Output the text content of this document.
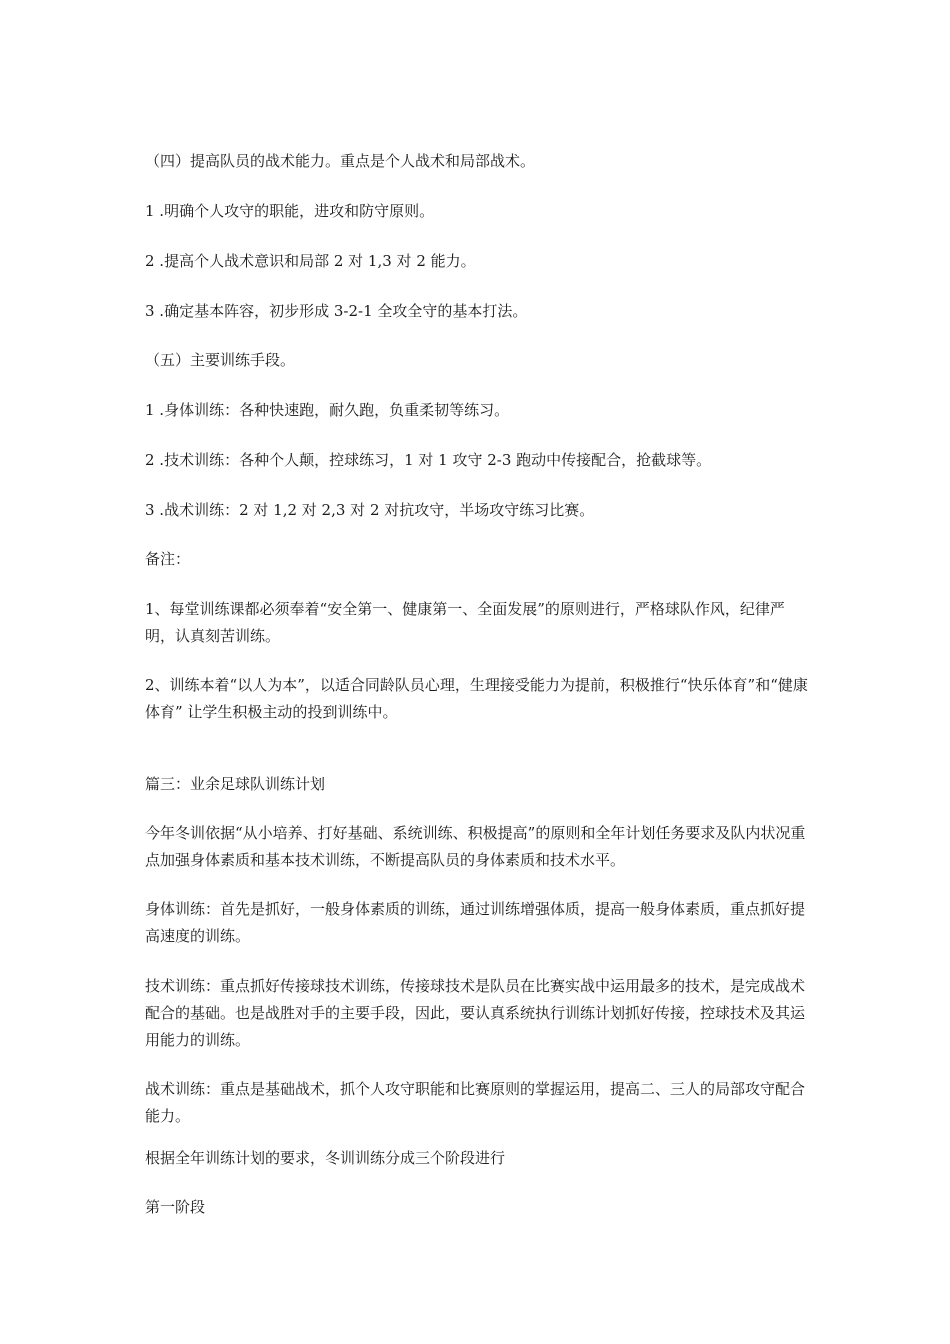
（四）提高队员的战术能力。重点是个人战术和局部战术。
1 .明确个人攻守的职能，进攻和防守原则。
2 .提高个人战术意识和局部 2 对 1,3 对 2 能力。
3 .确定基本阵容，初步形成 3-2-1 全攻全守的基本打法。
（五）主要训练手段。
1 .身体训练：各种快速跑，耐久跑，负重柔韧等练习。
2 .技术训练：各种个人颠，控球练习，1 对 1 攻守 2-3 跑动中传接配合，抢截球等。
3 .战术训练：2 对 1,2 对 2,3 对 2 对抗攻守，半场攻守练习比赛。
备注：
1、每堂训练课都必须奉着“安全第一、健康第一、全面发展”的原则进行，严格球队作风，纪律严明，认真刻苦训练。
2、训练本着“以人为本”，以适合同龄队员心理，生理接受能力为提前，积极推行“快乐体育”和“健康体育” 让学生积极主动的投到训练中。
篇三：业余足球队训练计划
今年冬训依据“从小培养、打好基础、系统训练、积极提高”的原则和全年计划任务要求及队内状况重点加强身体素质和基本技术训练，不断提高队员的身体素质和技术水平。
身体训练：首先是抓好，一般身体素质的训练，通过训练增强体质，提高一般身体素质，重点抓好提高速度的训练。
技术训练：重点抓好传接球技术训练，传接球技术是队员在比赛实战中运用最多的技术，是完成战术配合的基础。也是战胜对手的主要手段，因此，要认真系统执行训练计划抓好传接，控球技术及其运用能力的训练。
战术训练：重点是基础战术，抓个人攻守职能和比赛原则的掌握运用，提高二、三人的局部攻守配合能力。
根据全年训练计划的要求，冬训训练分成三个阶段进行
第一阶段
